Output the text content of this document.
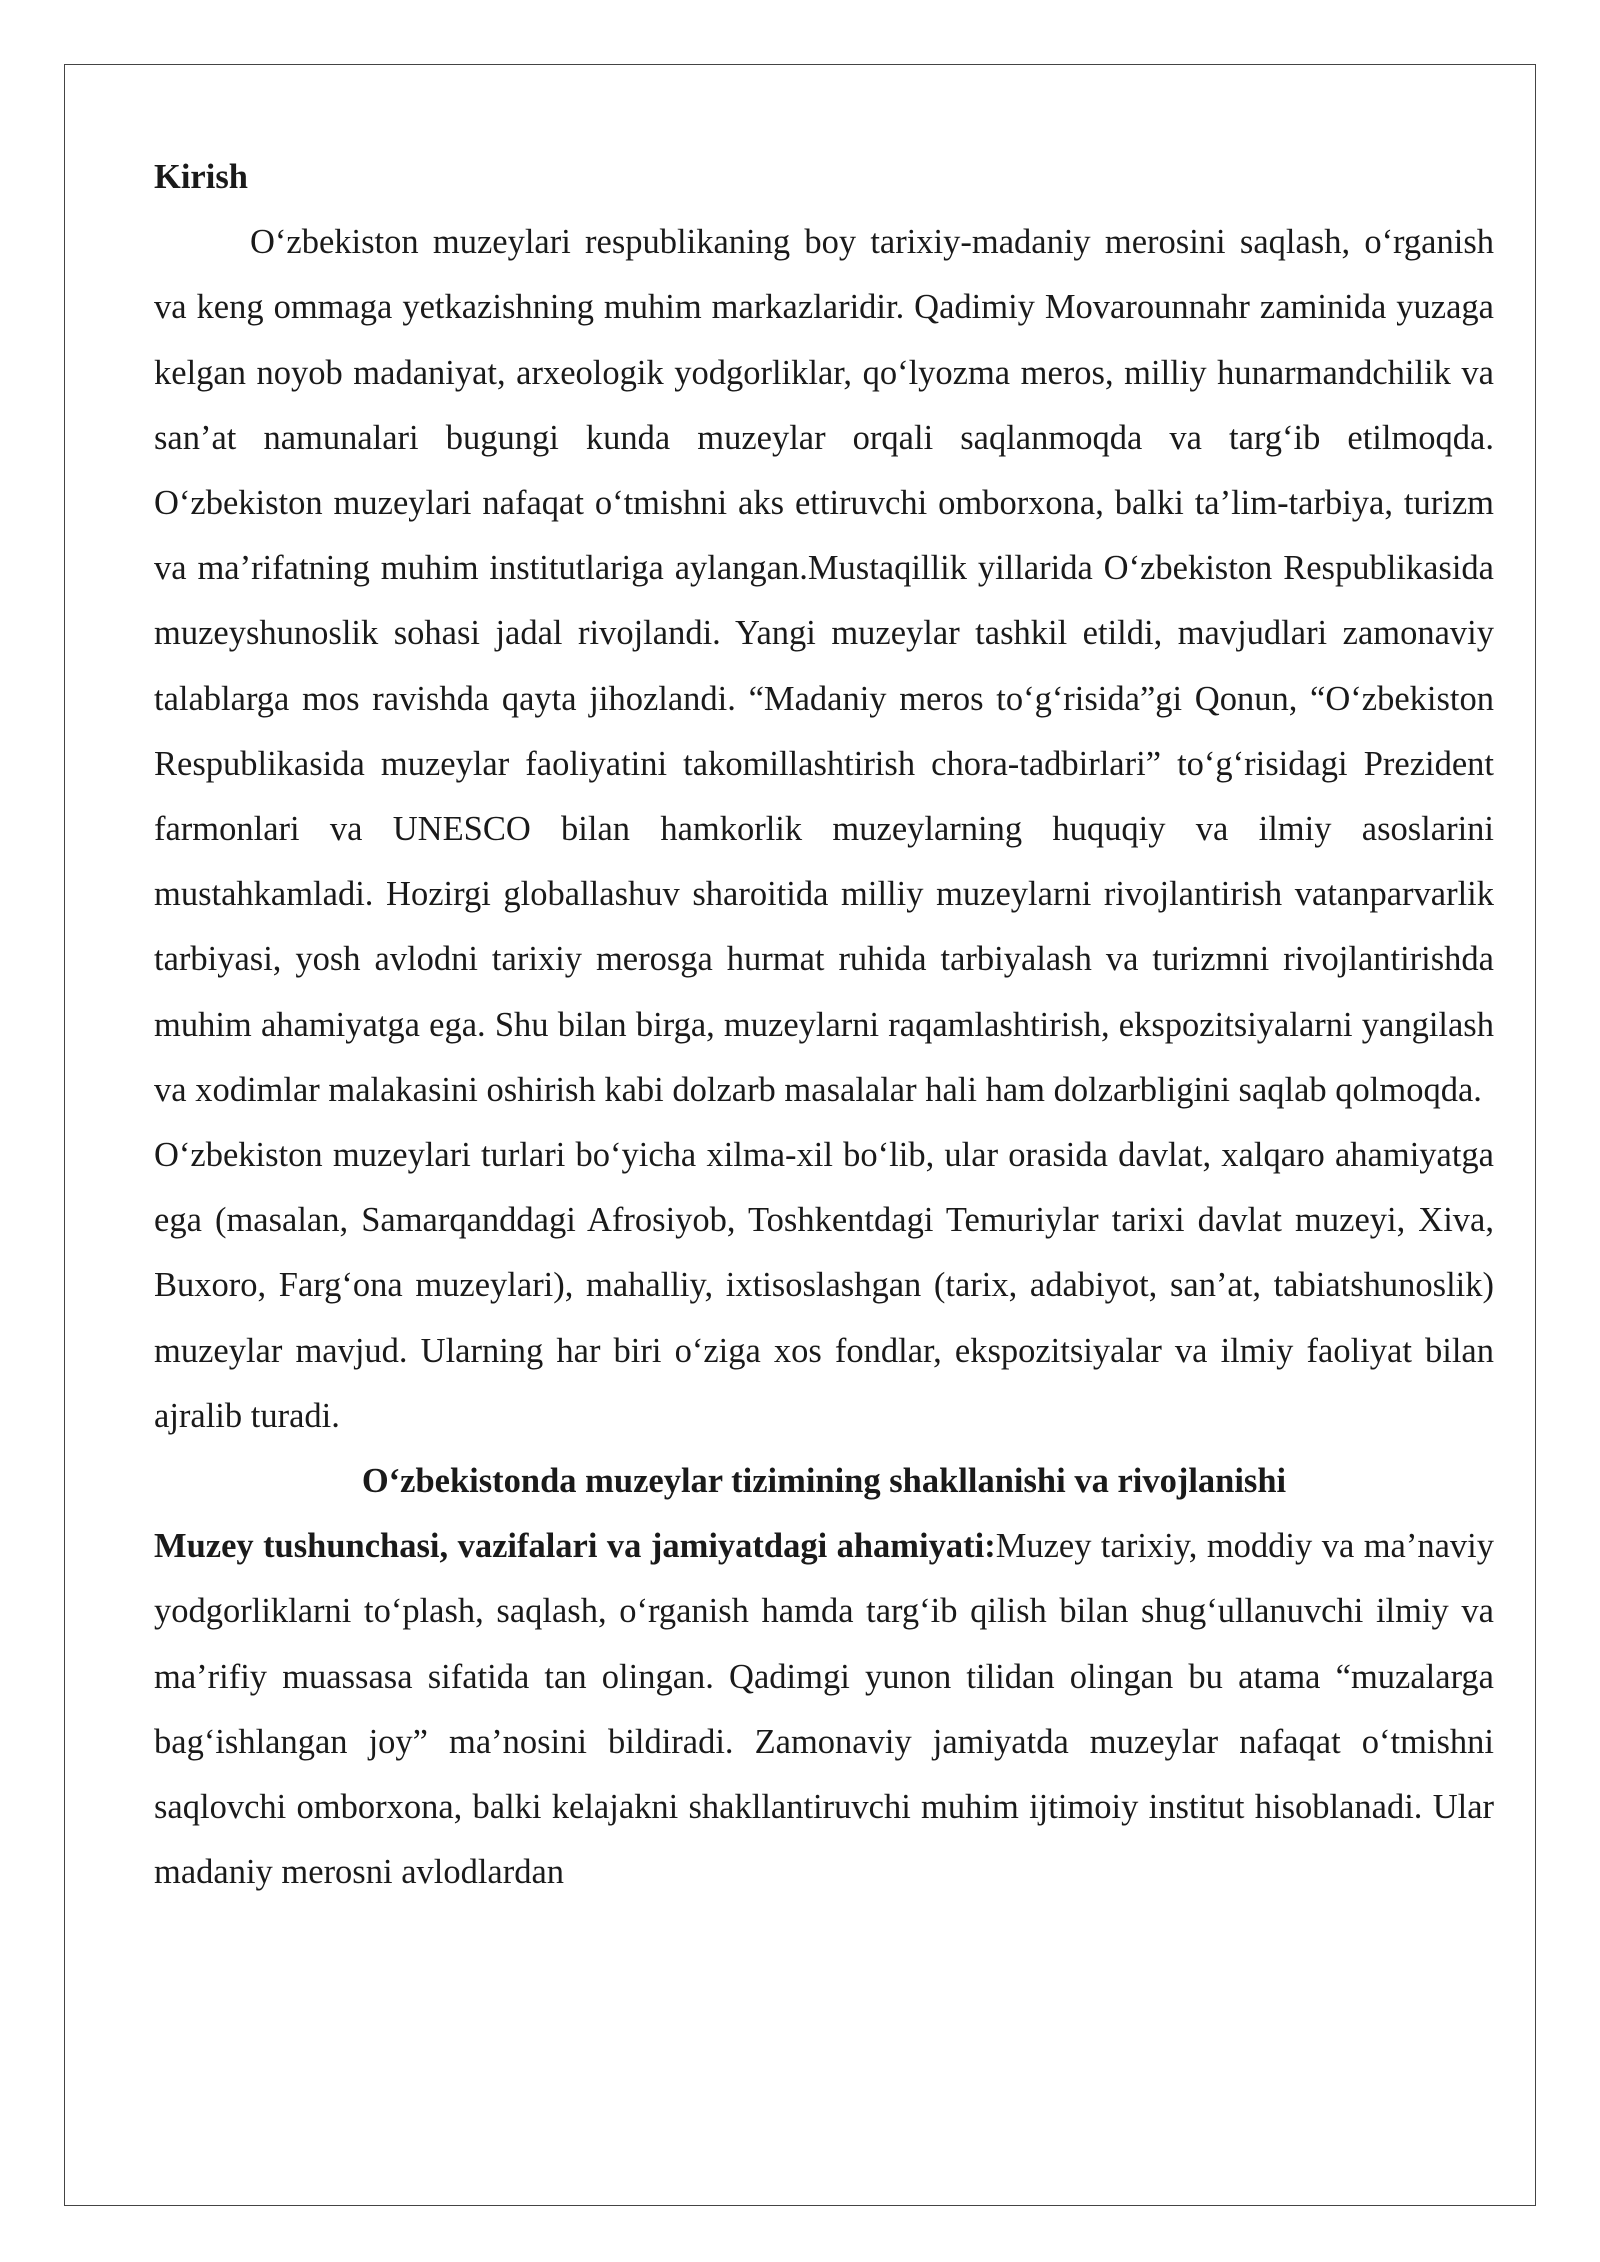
Kirish

O‘zbekiston muzeylari respublikaning boy tarixiy-madaniy merosini saqlash, o‘rganish va keng ommaga yetkazishning muhim markazlaridir. Qadimiy Movarounnahr zaminida yuzaga kelgan noyob madaniyat, arxeologik yodgorliklar, qo‘lyozma meros, milliy hunarmandchilik va san’at namunalari bugungi kunda muzeylar orqali saqlanmoqda va targ‘ib etilmoqda. O‘zbekiston muzeylari nafaqat o‘tmishni aks ettiruvchi omborxona, balki ta’lim-tarbiya, turizm va ma’rifatning muhim institutlariga aylangan.Mustaqillik yillarida O‘zbekiston Respublikasida muzeyshunoslik sohasi jadal rivojlandi. Yangi muzeylar tashkil etildi, mavjudlari zamonaviy talablarga mos ravishda qayta jihozlandi. “Madaniy meros to‘g‘risida”gi Qonun, “O‘zbekiston Respublikasida muzeylar faoliyatini takomillashtirish chora-tadbirlari” to‘g‘risidagi Prezident farmonlari va UNESCO bilan hamkorlik muzeylarning huquqiy va ilmiy asoslarini mustahkamladi. Hozirgi globallashuv sharoitida milliy muzeylarni rivojlantirish vatanparvarlik tarbiyasi, yosh avlodni tarixiy merosga hurmat ruhida tarbiyalash va turizmni rivojlantirishda muhim ahamiyatga ega. Shu bilan birga, muzeylarni raqamlashtirish, ekspozitsiyalarni yangilash va xodimlar malakasini oshirish kabi dolzarb masalalar hali ham dolzarbligini saqlab qolmoqda.

O‘zbekiston muzeylari turlari bo‘yicha xilma-xil bo‘lib, ular orasida davlat, xalqaro ahamiyatga ega (masalan, Samarqanddagi Afrosiyob, Toshkentdagi Temuriylar tarixi davlat muzeyi, Xiva, Buxoro, Farg‘ona muzeylari), mahalliy, ixtisoslashgan (tarix, adabiyot, san’at, tabiatshunoslik) muzeylar mavjud. Ularning har biri o‘ziga xos fondlar, ekspozitsiyalar va ilmiy faoliyat bilan ajralib turadi.

O‘zbekistonda muzeylar tizimining shakllanishi va rivojlanishi

Muzey tushunchasi, vazifalari va jamiyatdagi ahamiyati:Muzey tarixiy, moddiy va ma’naviy yodgorliklarni to‘plash, saqlash, o‘rganish hamda targ‘ib qilish bilan shug‘ullanuvchi ilmiy va ma’rifiy muassasa sifatida tan olingan. Qadimgi yunon tilidan olingan bu atama “muzalarga bag‘ishlangan joy” ma’nosini bildiradi. Zamonaviy jamiyatda muzeylar nafaqat o‘tmishni saqlovchi omborxona, balki kelajakni shakllantiruvchi muhim ijtimoiy institut hisoblanadi. Ular madaniy merosni avlodlardan
